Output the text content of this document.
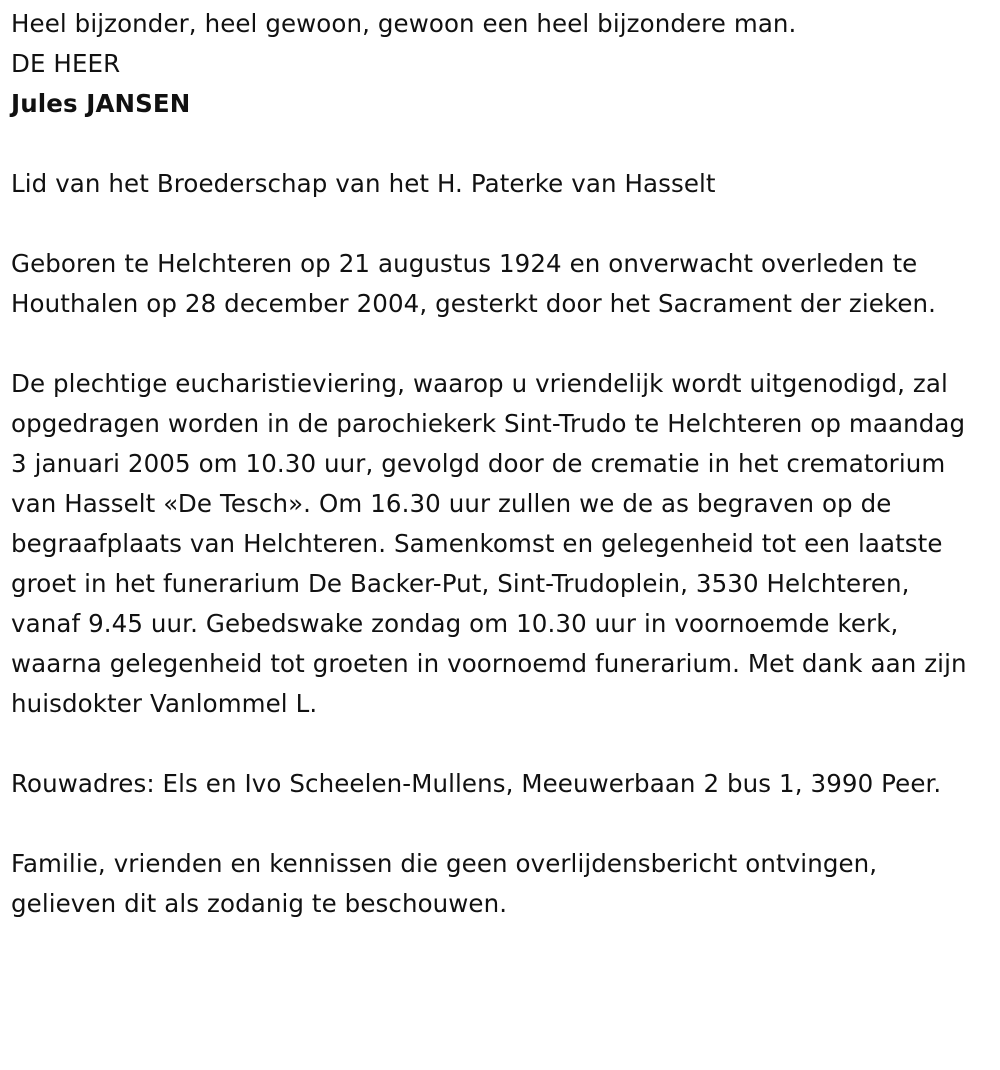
Heel bijzonder, heel gewoon, gewoon een heel bijzondere man.

DE HEER

Jules JANSEN

Lid van het Broederschap van het H. Paterke van Hasselt

Geboren te Helchteren op 21 augustus 1924 en onverwacht overleden te Houthalen op 28 december 2004, gesterkt door het Sacrament der zieken.

De plechtige eucharistieviering, waarop u vriendelijk wordt uitgenodigd, zal opgedragen worden in de parochiekerk Sint-Trudo te Helchteren op maandag 3 januari 2005 om 10.30 uur, gevolgd door de crematie in het crematorium van Hasselt «De Tesch». Om 16.30 uur zullen we de as begraven op de begraafplaats van Helchteren. Samenkomst en gelegenheid tot een laatste groet in het funerarium De Backer-Put, Sint-Trudoplein, 3530 Helchteren, vanaf 9.45 uur. Gebedswake zondag om 10.30 uur in voornoemde kerk, waarna gelegenheid tot groeten in voornoemd funerarium. Met dank aan zijn huisdokter Vanlommel L.

Rouwadres: Els en Ivo Scheelen-Mullens, Meeuwerbaan 2 bus 1, 3990 Peer.

Familie, vrienden en kennissen die geen overlijdensbericht ontvingen, gelieven dit als zodanig te beschouwen.
